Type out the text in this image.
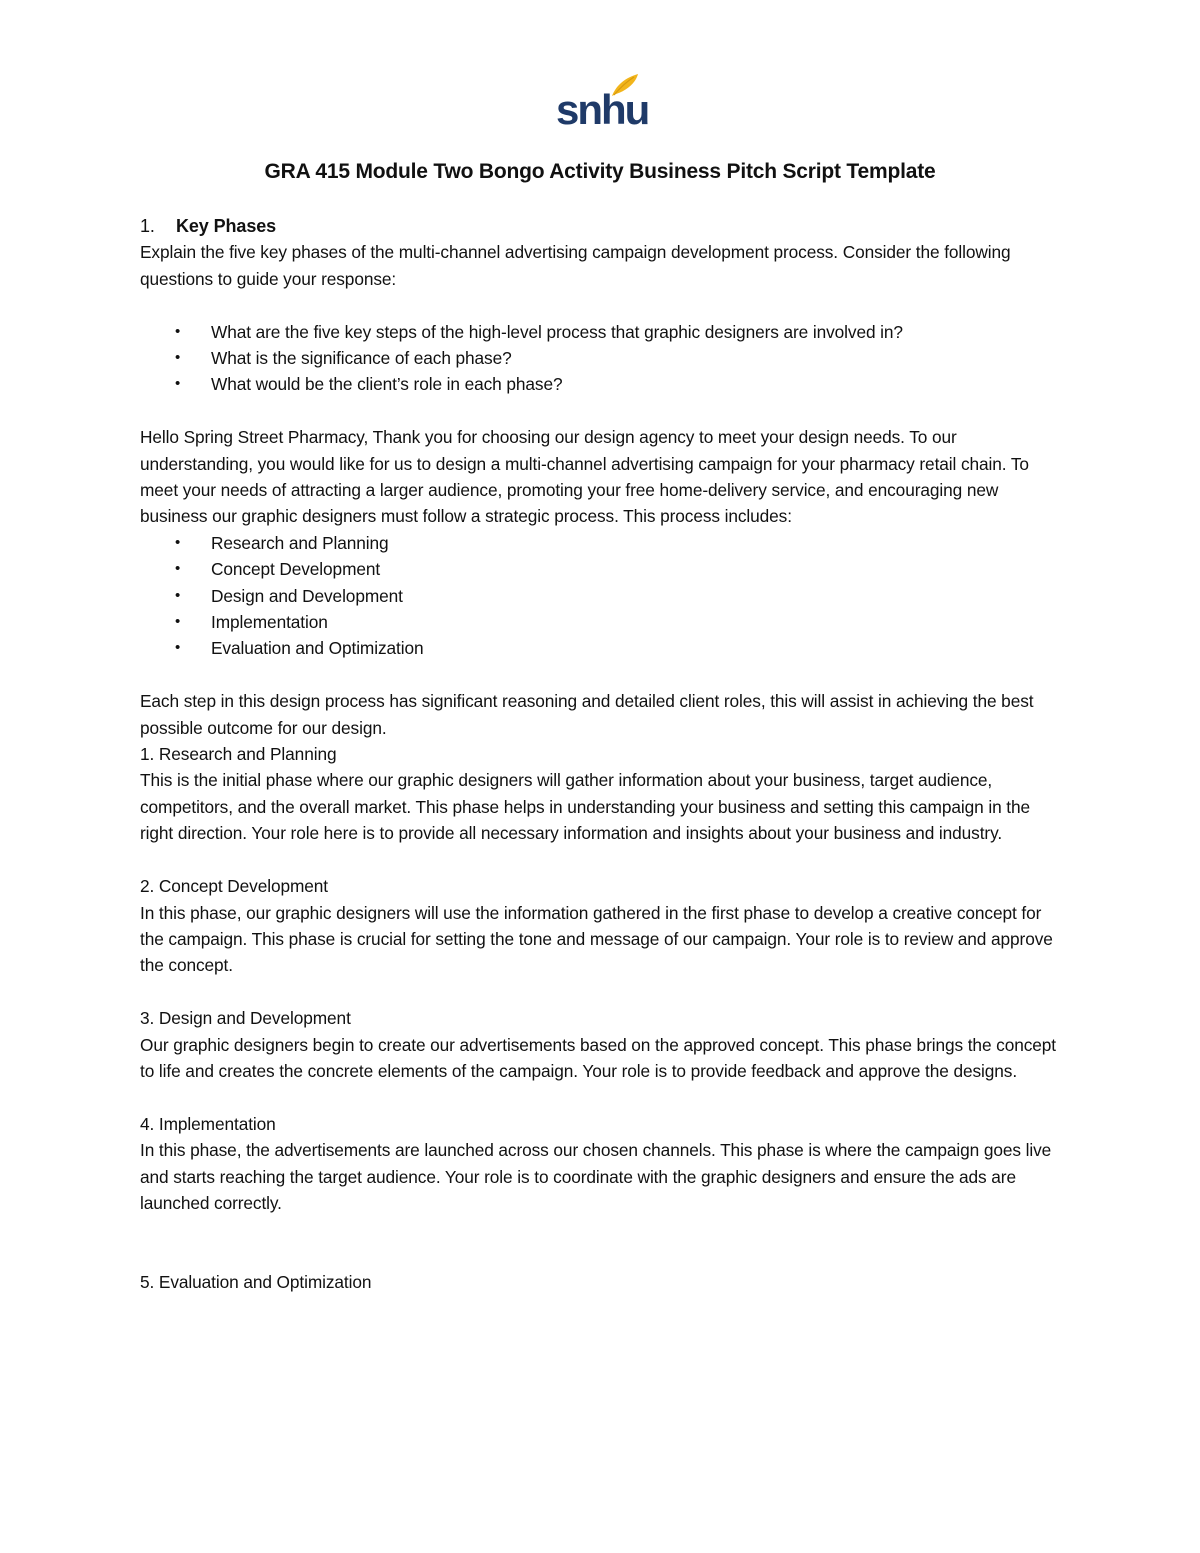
snhu
GRA 415 Module Two Bongo Activity Business Pitch Script Template

1. Key Phases

Explain the five key phases of the multi-channel advertising campaign development process. Consider the following questions to guide your response:

• What are the five key steps of the high-level process that graphic designers are involved in?
• What is the significance of each phase?
• What would be the client’s role in each phase?

Hello Spring Street Pharmacy, Thank you for choosing our design agency to meet your design needs. To our understanding, you would like for us to design a multi-channel advertising campaign for your pharmacy retail chain. To meet your needs of attracting a larger audience, promoting your free home-delivery service, and encouraging new business our graphic designers must follow a strategic process. This process includes:

• Research and Planning
• Concept Development
• Design and Development
• Implementation
• Evaluation and Optimization

Each step in this design process has significant reasoning and detailed client roles, this will assist in achieving the best possible outcome for our design.

1. Research and Planning

This is the initial phase where our graphic designers will gather information about your business, target audience, competitors, and the overall market. This phase helps in understanding your business and setting this campaign in the right direction. Your role here is to provide all necessary information and insights about your business and industry.

2. Concept Development

In this phase, our graphic designers will use the information gathered in the first phase to develop a creative concept for the campaign. This phase is crucial for setting the tone and message of our campaign. Your role is to review and approve the concept.

3. Design and Development

Our graphic designers begin to create our advertisements based on the approved concept. This phase brings the concept to life and creates the concrete elements of the campaign. Your role is to provide feedback and approve the designs.

4. Implementation

In this phase, the advertisements are launched across our chosen channels. This phase is where the campaign goes live and starts reaching the target audience. Your role is to coordinate with the graphic designers and ensure the ads are launched correctly.

5. Evaluation and Optimization
